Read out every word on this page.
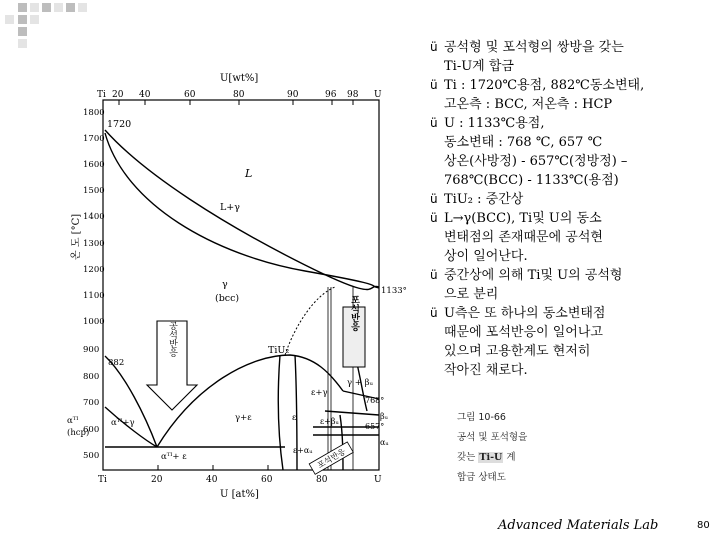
U[wt%]
Ti 20 40	60	80	90	96 98 U
온 도 [°C]
1800
1700
1600
1500
1400
1300
1200
1100
1000
900
800
700
600
500
1720
L
L+γ
γ
(bcc)
1133°
882
TiU₂
ε+γ
γ + βᵤ
γ+ε	ε	ε+βᵤ
ε+αᵤ
768°
657°
αᵀᴵ
(hcp)
αᵀᴵ+γ
αᵀᴵ+ ε
βᵤ
αᵤ
공석반응
포석반응
포석반응
Ti	20	40	60	80	U
U [at%]
ü 공석형 및 포석형의 쌍방을 갖는
Ti-U계 합금
ü Ti : 1720℃용점, 882℃동소변태,
고온측 : BCC, 저온측 : HCP
ü U : 1133℃용점,
동소변태 : 768 ℃, 657 ℃
상온(사방정) - 657℃(정방정) –
768℃(BCC) - 1133℃(용점)
ü TiU₂ : 중간상
ü L→γ(BCC), Ti및 U의 동소
변태점의 존재때문에 공석현
상이 일어난다.
ü 중간상에 의해 Ti및 U의 공석형
으로 분리
ü U측은 또 하나의 동소변태점
때문에 포석반응이 일어나고
있으며 고용한계도 현저히
작아진 채로다.
그림 10-66
공석 및 포석형을
갖는 Ti-U 계
합금 상태도
Advanced Materials Lab	80
